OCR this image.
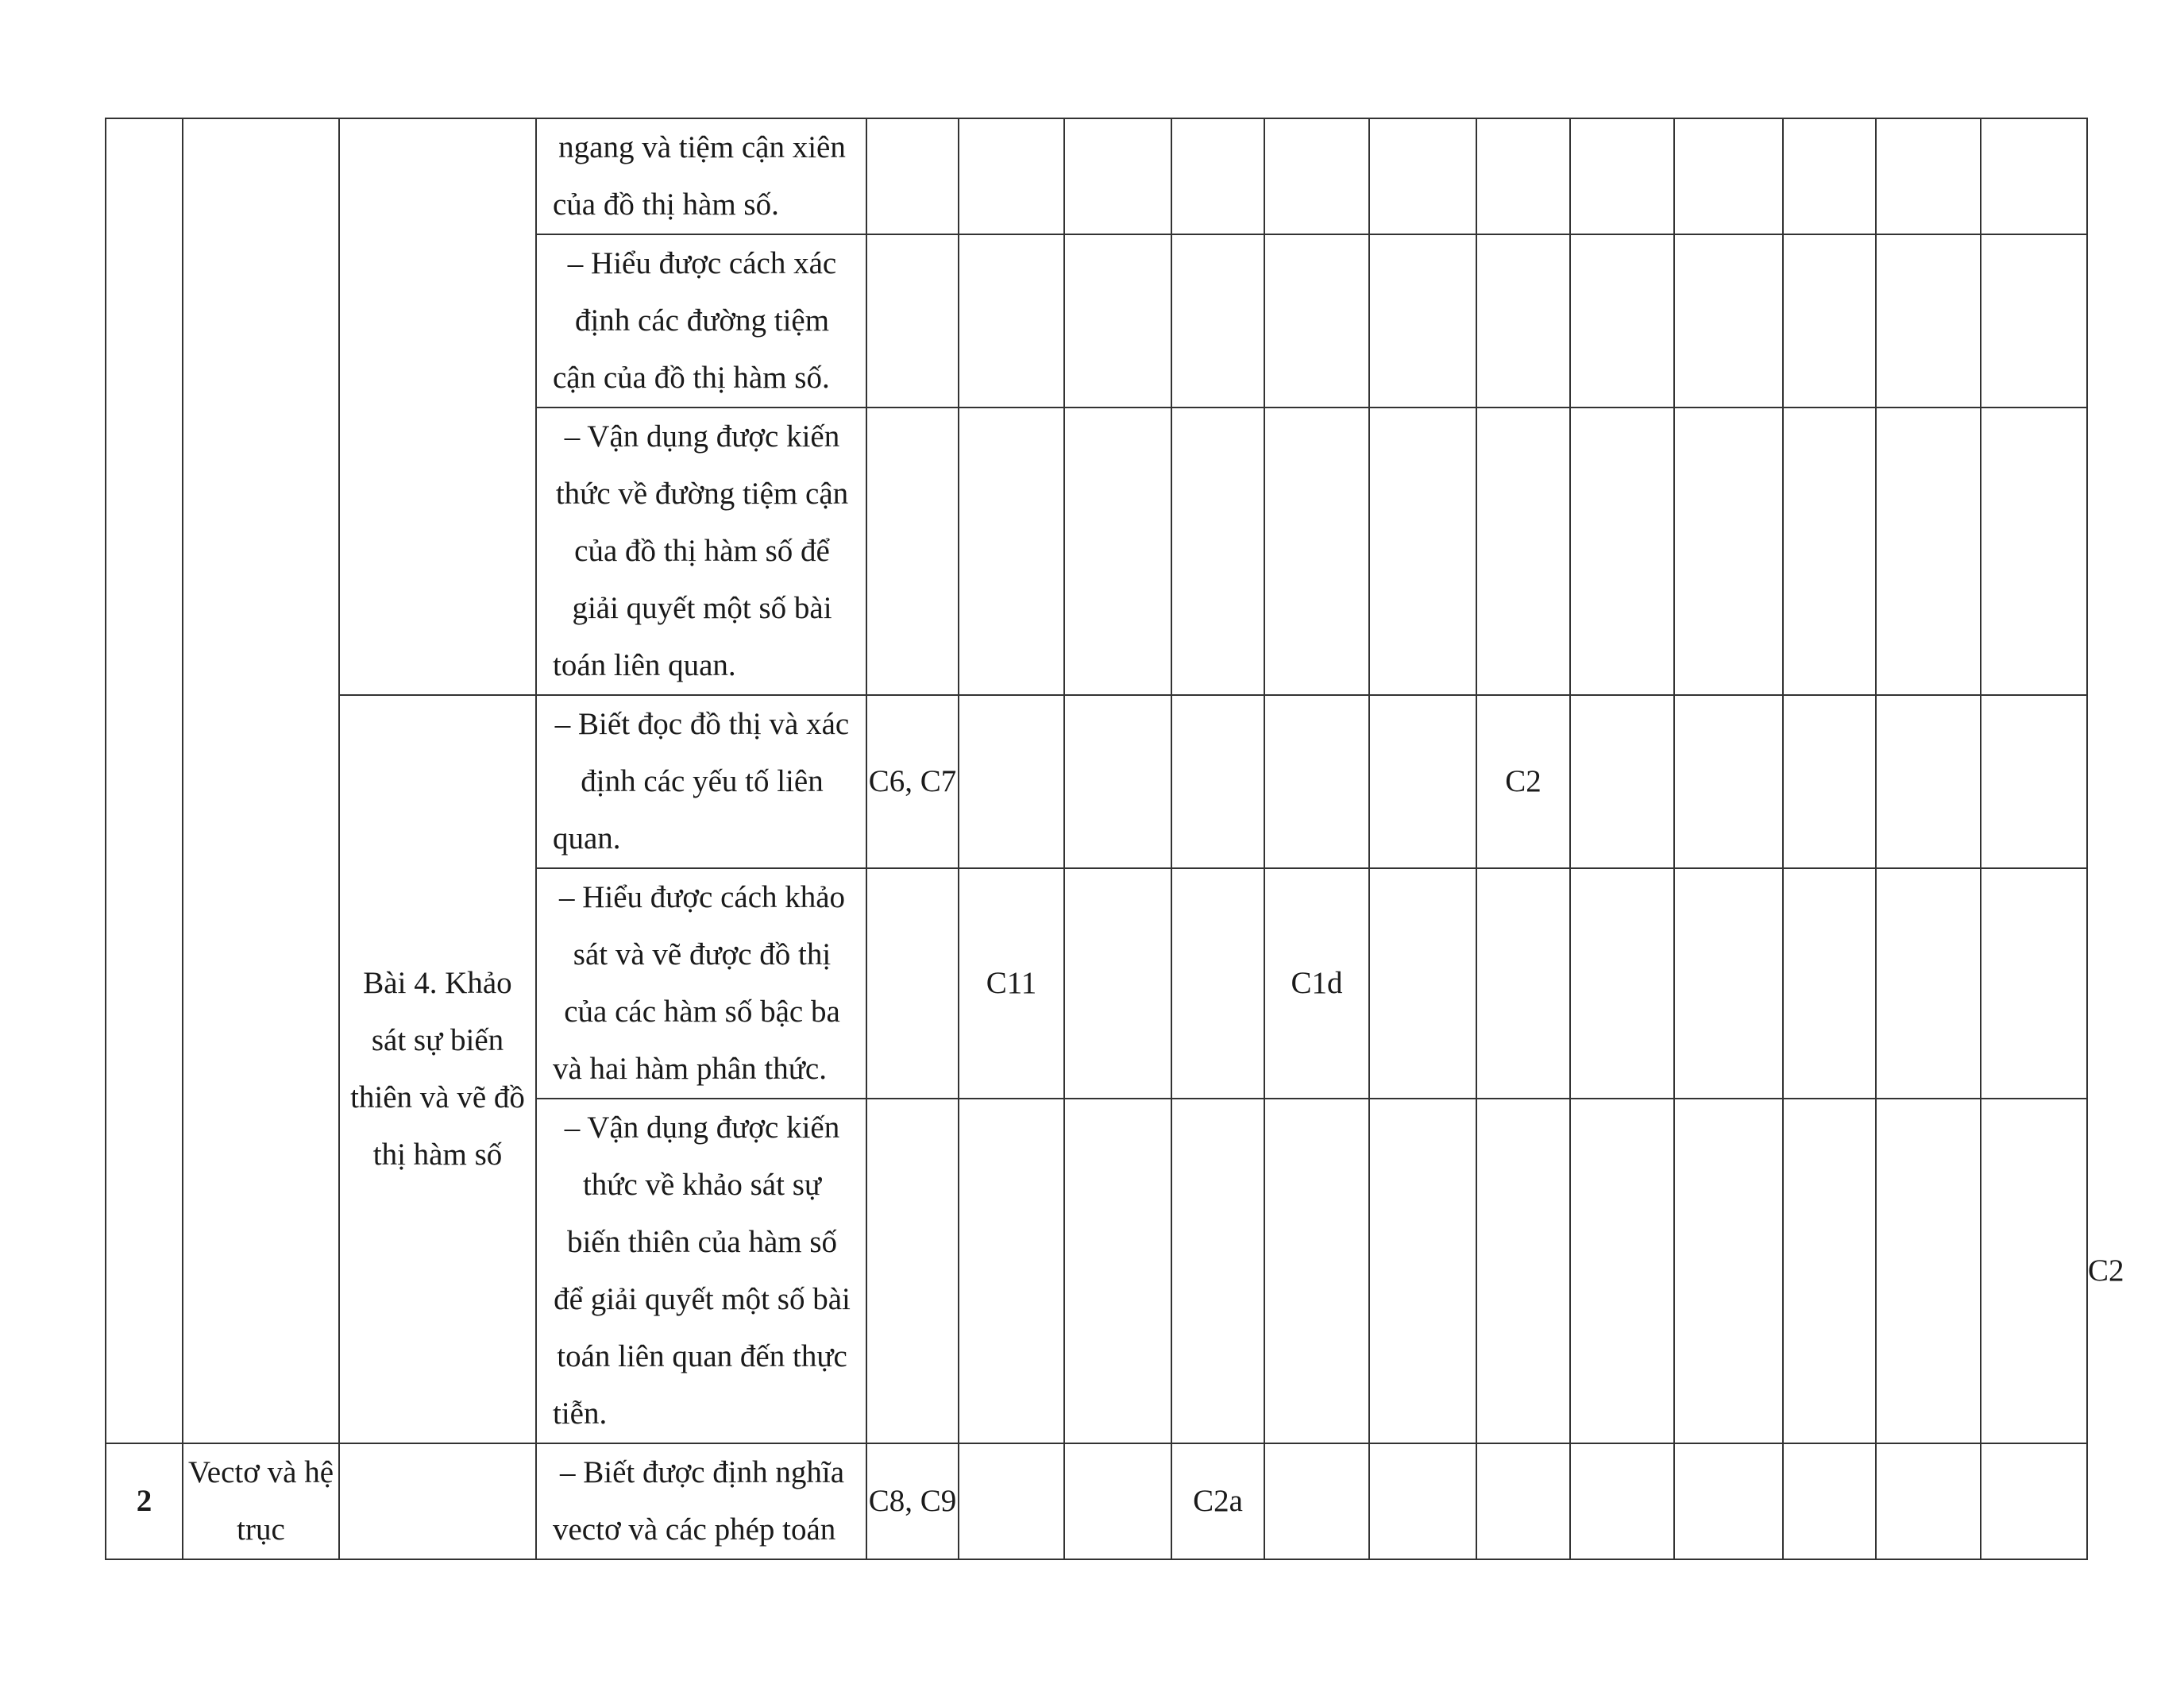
			ngang và tiệm cận xiên của đồ thị hàm số.													
			– Hiểu được cách xác định các đường tiệm cận của đồ thị hàm số.													
			– Vận dụng được kiến thức về đường tiệm cận của đồ thị hàm số để giải quyết một số bài toán liên quan.													
		Bài 4. Khảo sát sự biến thiên và vẽ đồ thị hàm số	– Biết đọc đồ thị và xác định các yếu tố liên quan.	C6, C7						C2						
			– Hiểu được cách khảo sát và vẽ được đồ thị của các hàm số bậc ba và hai hàm phân thức.		C11			C1d								
			– Vận dụng được kiến thức về khảo sát sự biến thiên của hàm số để giải quyết một số bài toán liên quan đến thực tiễn.													C2
2	Vectơ và hệ trục		– Biết được định nghĩa vectơ và các phép toán	C8, C9			C2a									
